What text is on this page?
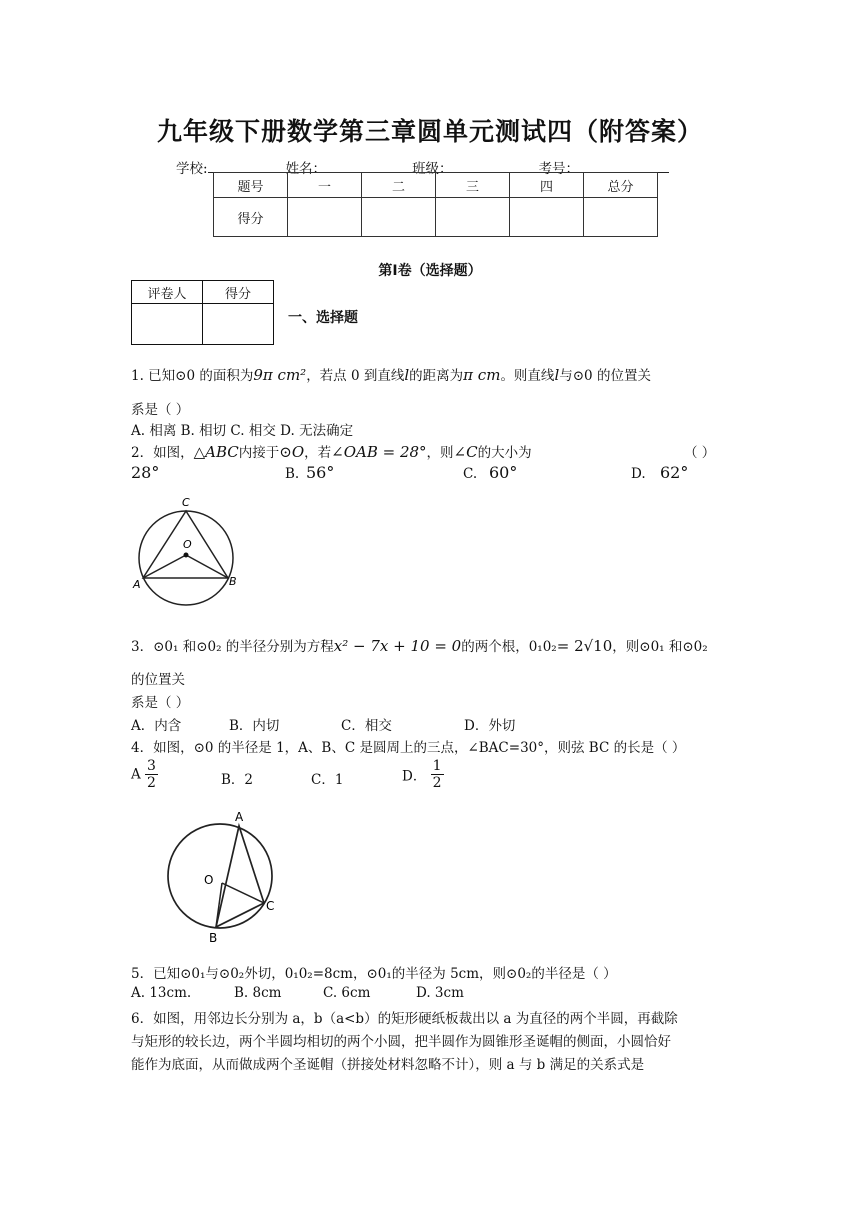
九年级下册数学第三章圆单元测试四（附答案）
学校:	姓名：	班级：	考号：
题号	一	二	三	四	总分
得分					
第Ⅰ卷（选择题）
评卷人	得分

一、选择题
1. 已知⊙0 的面积为9π cm²，若点 0 到直线l的距离为π cm。则直线l与⊙0 的位置关
系是（ ）
A. 相离 B. 相切 C. 相交 D. 无法确定
2．如图，△ABC内接于⊙O，若∠OAB = 28°，则∠C的大小为	（ ）
28°	B. 56°	C. 60°	D. 62°
C
O
A	B
3．⊙0₁ 和⊙0₂ 的半径分别为方程x² − 7x + 10 = 0的两个根，0₁0₂= 2√10，则⊙0₁ 和⊙0₂
的位置关
系是（ ）
A．内含	B．内切	C．相交	D．外切
4．如图，⊙0 的半径是 1，A、B、C 是圆周上的三点，∠BAC=30°，则弦 BC 的长是（ ）
A $\frac{3}{2}$	B．2	C．1	D． $\frac{1}{2}$
A
O
C
B
5．已知⊙0₁与⊙0₂外切，0₁0₂=8cm，⊙0₁的半径为 5cm，则⊙0₂的半径是（ ）
A. 13cm.	B. 8cm	C. 6cm	D. 3cm
6．如图，用邻边长分别为 a，b（a<b）的矩形硬纸板裁出以 a 为直径的两个半圆，再截除
与矩形的较长边，两个半圆均相切的两个小圆，把半圆作为圆锥形圣诞帽的侧面，小圆恰好
能作为底面，从而做成两个圣诞帽（拼接处材料忽略不计），则 a 与 b 满足的关系式是
